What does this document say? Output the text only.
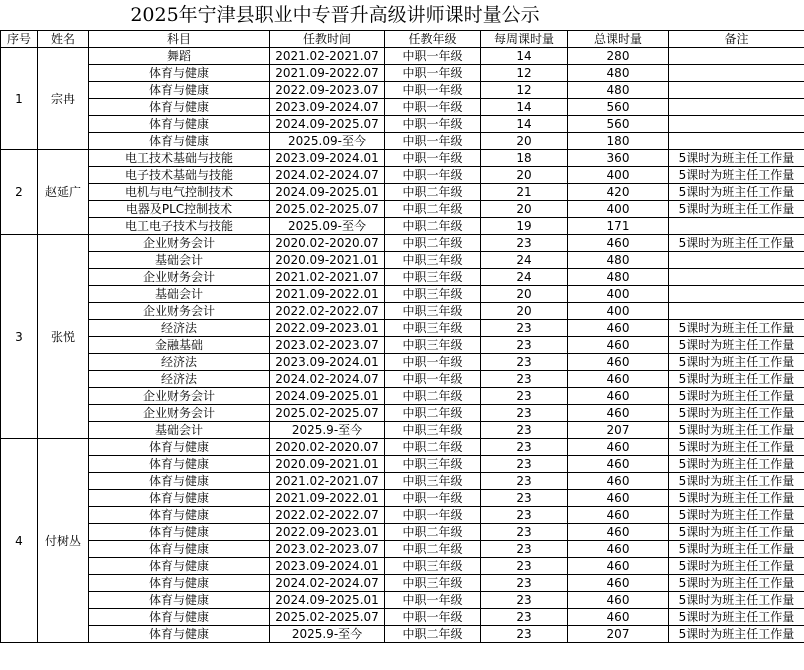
2025年宁津县职业中专晋升高级讲师课时量公示
序号	姓名	科目	任教时间	任教年级	每周课时量	总课时量	备注
1	宗冉	舞蹈	2021.02-2021.07	中职一年级	14	280	
		体育与健康	2021.09-2022.07	中职一年级	12	480	
		体育与健康	2022.09-2023.07	中职一年级	12	480	
		体育与健康	2023.09-2024.07	中职一年级	14	560	
		体育与健康	2024.09-2025.07	中职一年级	14	560	
		体育与健康	2025.09-至今	中职一年级	20	180	
2	赵延广	电工技术基础与技能	2023.09-2024.01	中职一年级	18	360	5课时为班主任工作量
		电子技术基础与技能	2024.02-2024.07	中职一年级	20	400	5课时为班主任工作量
		电机与电气控制技术	2024.09-2025.01	中职二年级	21	420	5课时为班主任工作量
		电器及PLC控制技术	2025.02-2025.07	中职二年级	20	400	5课时为班主任工作量
		电工电子技术与技能	2025.09-至今	中职二年级	19	171	
3	张悦	企业财务会计	2020.02-2020.07	中职二年级	23	460	5课时为班主任工作量
		基础会计	2020.09-2021.01	中职三年级	24	480	
		企业财务会计	2021.02-2021.07	中职三年级	24	480	
		基础会计	2021.09-2022.01	中职三年级	20	400	
		企业财务会计	2022.02-2022.07	中职三年级	20	400	
		经济法	2022.09-2023.01	中职三年级	23	460	5课时为班主任工作量
		金融基础	2023.02-2023.07	中职三年级	23	460	5课时为班主任工作量
		经济法	2023.09-2024.01	中职一年级	23	460	5课时为班主任工作量
		经济法	2024.02-2024.07	中职一年级	23	460	5课时为班主任工作量
		企业财务会计	2024.09-2025.01	中职二年级	23	460	5课时为班主任工作量
		企业财务会计	2025.02-2025.07	中职二年级	23	460	5课时为班主任工作量
		基础会计	2025.9-至今	中职三年级	23	207	5课时为班主任工作量
4	付树丛	体育与健康	2020.02-2020.07	中职二年级	23	460	5课时为班主任工作量
		体育与健康	2020.09-2021.01	中职三年级	23	460	5课时为班主任工作量
		体育与健康	2021.02-2021.07	中职三年级	23	460	5课时为班主任工作量
		体育与健康	2021.09-2022.01	中职一年级	23	460	5课时为班主任工作量
		体育与健康	2022.02-2022.07	中职一年级	23	460	5课时为班主任工作量
		体育与健康	2022.09-2023.01	中职二年级	23	460	5课时为班主任工作量
		体育与健康	2023.02-2023.07	中职二年级	23	460	5课时为班主任工作量
		体育与健康	2023.09-2024.01	中职三年级	23	460	5课时为班主任工作量
		体育与健康	2024.02-2024.07	中职三年级	23	460	5课时为班主任工作量
		体育与健康	2024.09-2025.01	中职一年级	23	460	5课时为班主任工作量
		体育与健康	2025.02-2025.07	中职一年级	23	460	5课时为班主任工作量
		体育与健康	2025.9-至今	中职二年级	23	207	5课时为班主任工作量
